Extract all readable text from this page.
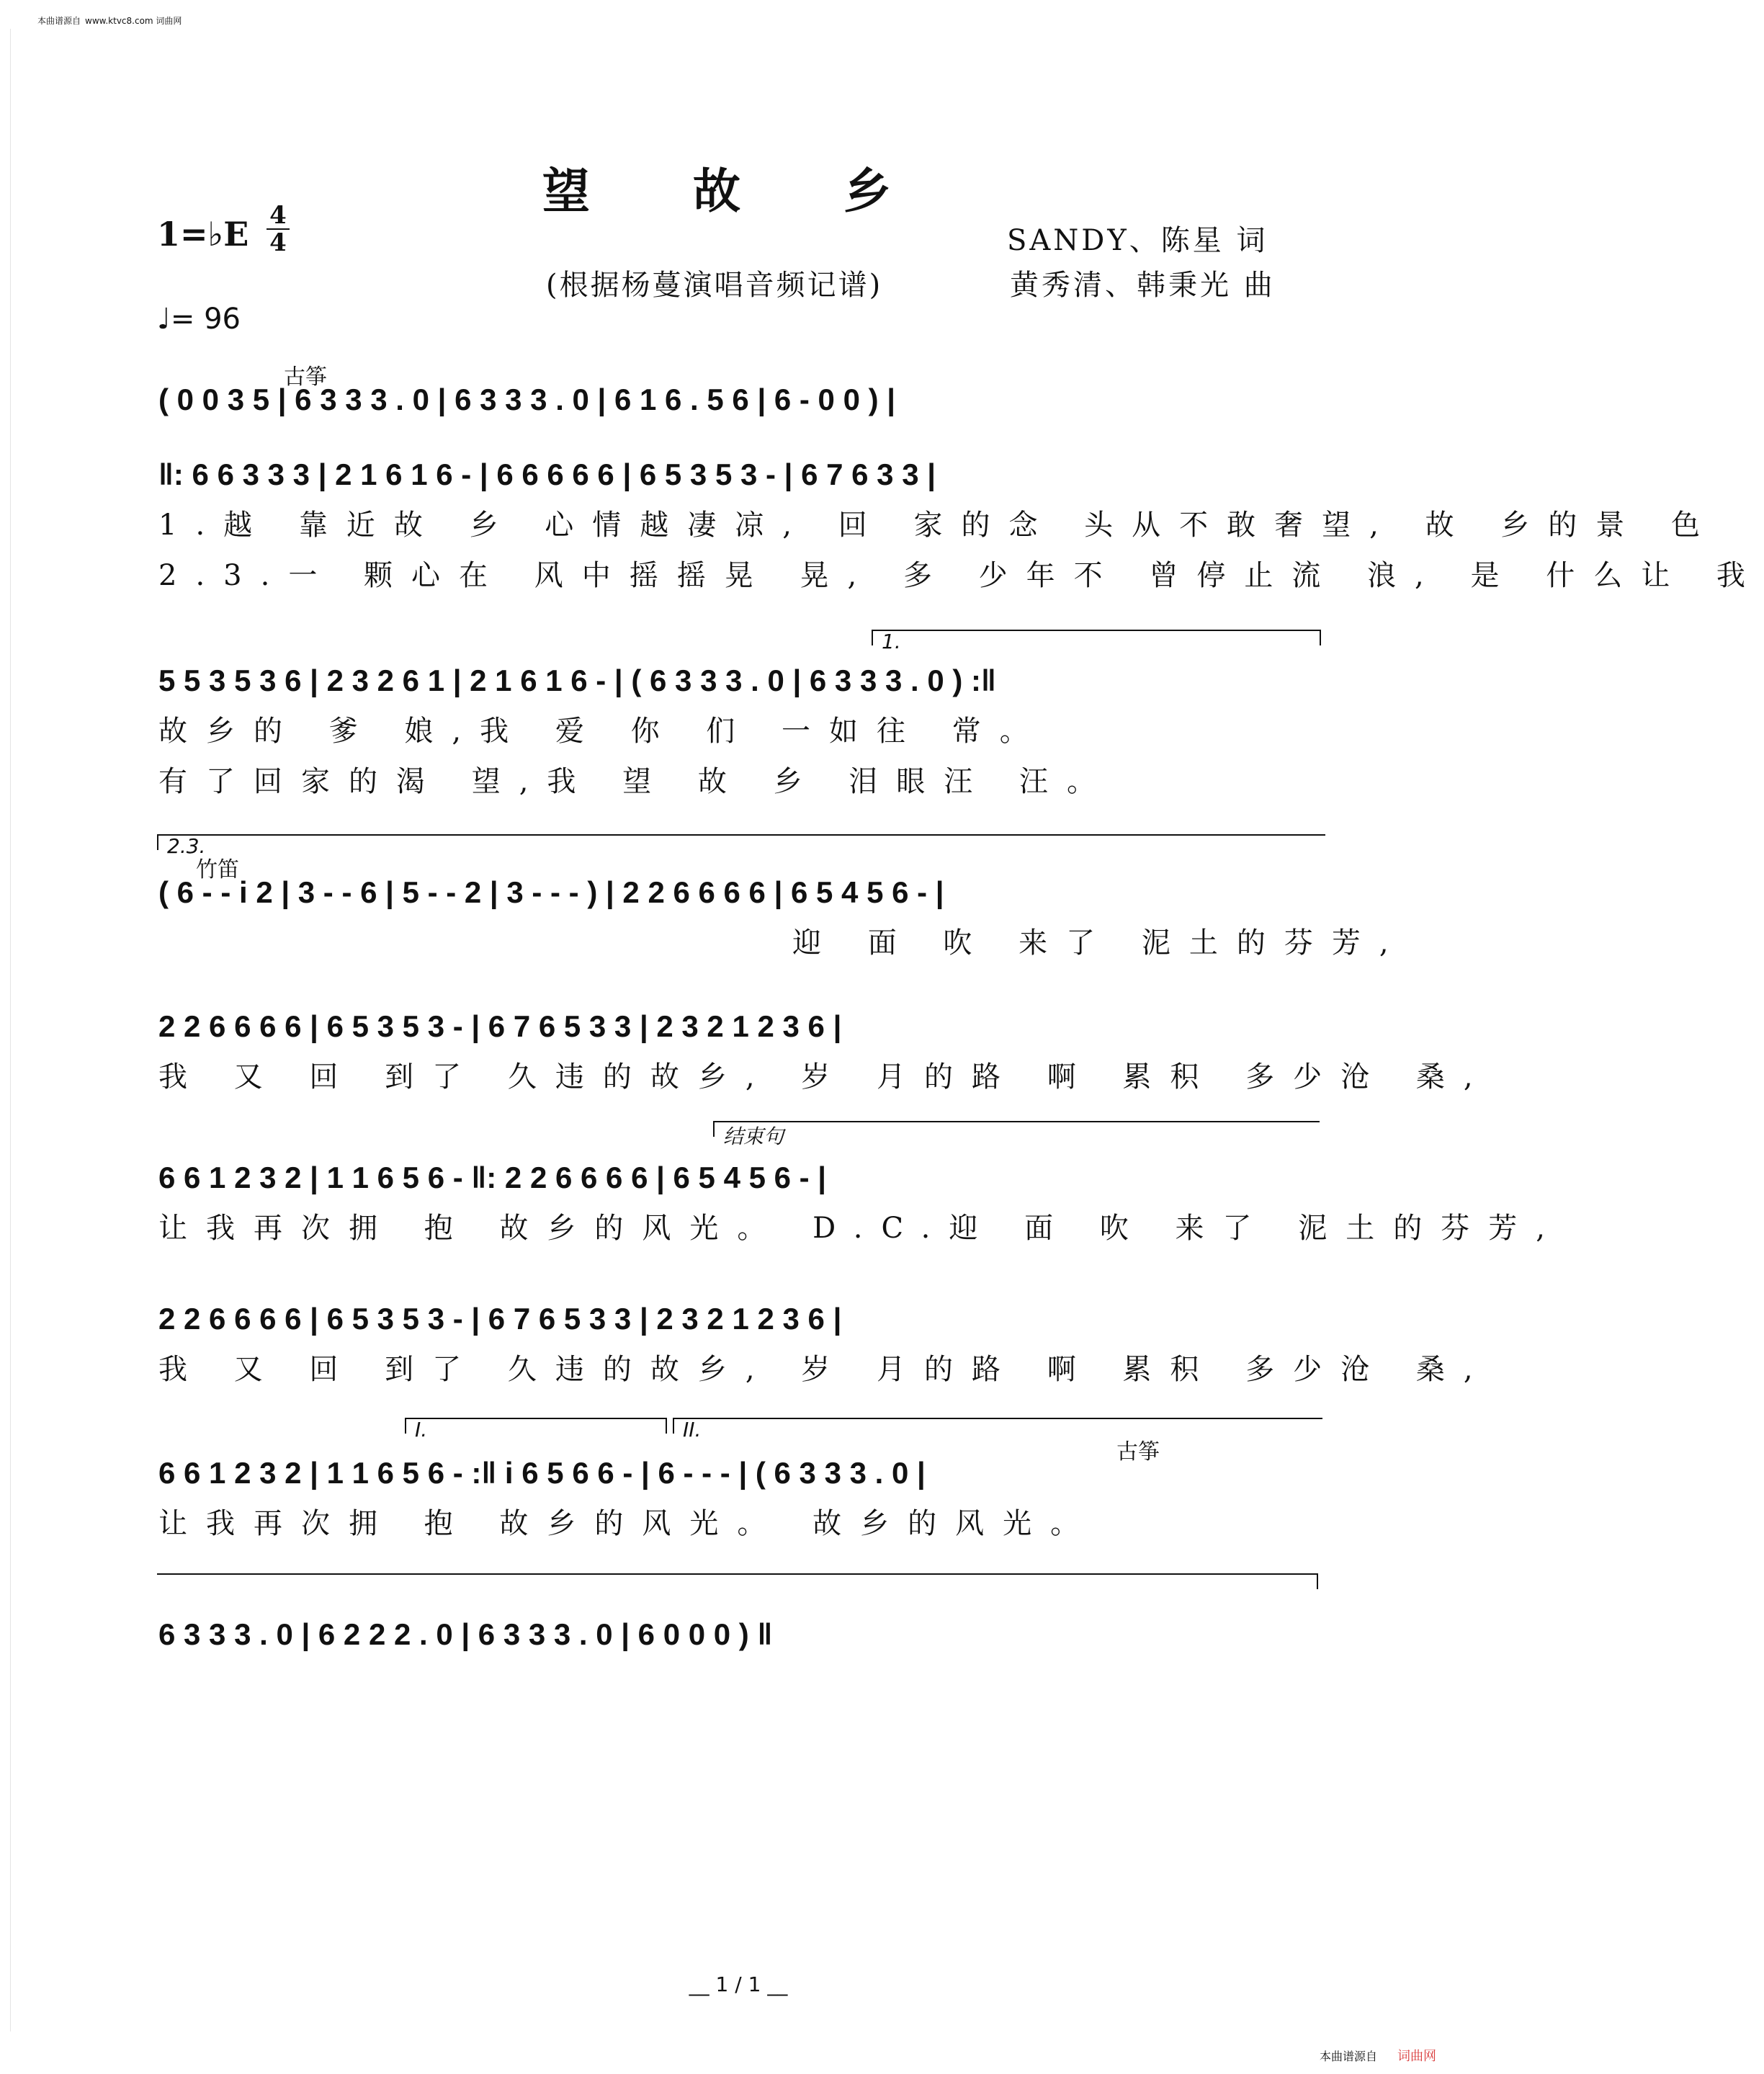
本曲谱源自 www.ktvc8.com 词曲网
望 故 乡
1=♭E 4
4
♩= 96
SANDY、陈星 词
黄秀清、韩秉光 曲
(根据杨蔓演唱音频记谱)
古筝
( 0 0 3 5 | 6 3 3 3 . 0 | 6 3 3 3 . 0 | 6 1 6 . 5 6 | 6 - 0 0 ) |
‖: 6 6 3 3 3 | 2 1 6 1 6 - | 6 6 6 6 6 | 6 5 3 5 3 - | 6 7 6 3 3 |
1.越 靠近故 乡 心情越凄凉, 回 家的念 头从不敢奢望, 故 乡的景 色
2.3.一 颗心在 风中摇摇晃 晃, 多 少年不 曾停止流 浪, 是 什么让 我
1.
5 5 3 5 3 6 | 2 3 2 6 1 | 2 1 6 1 6 - | ( 6 3 3 3 . 0 | 6 3 3 3 . 0 ) :‖
故乡的 爹 娘,我 爱 你 们 一如往 常。
有了回家的渴 望,我 望 故 乡 泪眼汪 汪。
2.3.
竹笛
( 6 - - i 2 | 3 - - 6 | 5 - - 2 | 3 - - - ) | 2 2 6 6 6 6 | 6 5 4 5 6 - |
迎 面 吹 来了 泥土的芬芳,
2 2 6 6 6 6 | 6 5 3 5 3 - | 6 7 6 5 3 3 | 2 3 2 1 2 3 6 |
我 又 回 到了 久违的故乡, 岁 月的路 啊 累积 多少沧 桑,
结束句
6 6 1 2 3 2 | 1 1 6 5 6 - ‖: 2 2 6 6 6 6 | 6 5 4 5 6 - |
让我再次拥 抱 故乡的风光。 D.C.迎 面 吹 来了 泥土的芬芳,
2 2 6 6 6 6 | 6 5 3 5 3 - | 6 7 6 5 3 3 | 2 3 2 1 2 3 6 |
我 又 回 到了 久违的故乡, 岁 月的路 啊 累积 多少沧 桑,
I.	II.
古筝
6 6 1 2 3 2 | 1 1 6 5 6 - :‖ i 6 5 6 6 - | 6 - - - | ( 6 3 3 3 . 0 |
让我再次拥 抱 故乡的风光。 故乡的风光。
6 3 3 3 . 0 | 6 2 2 2 . 0 | 6 3 3 3 . 0 | 6 0 0 0 ) ‖
__ 1 / 1 __
本曲谱源自 词曲网
